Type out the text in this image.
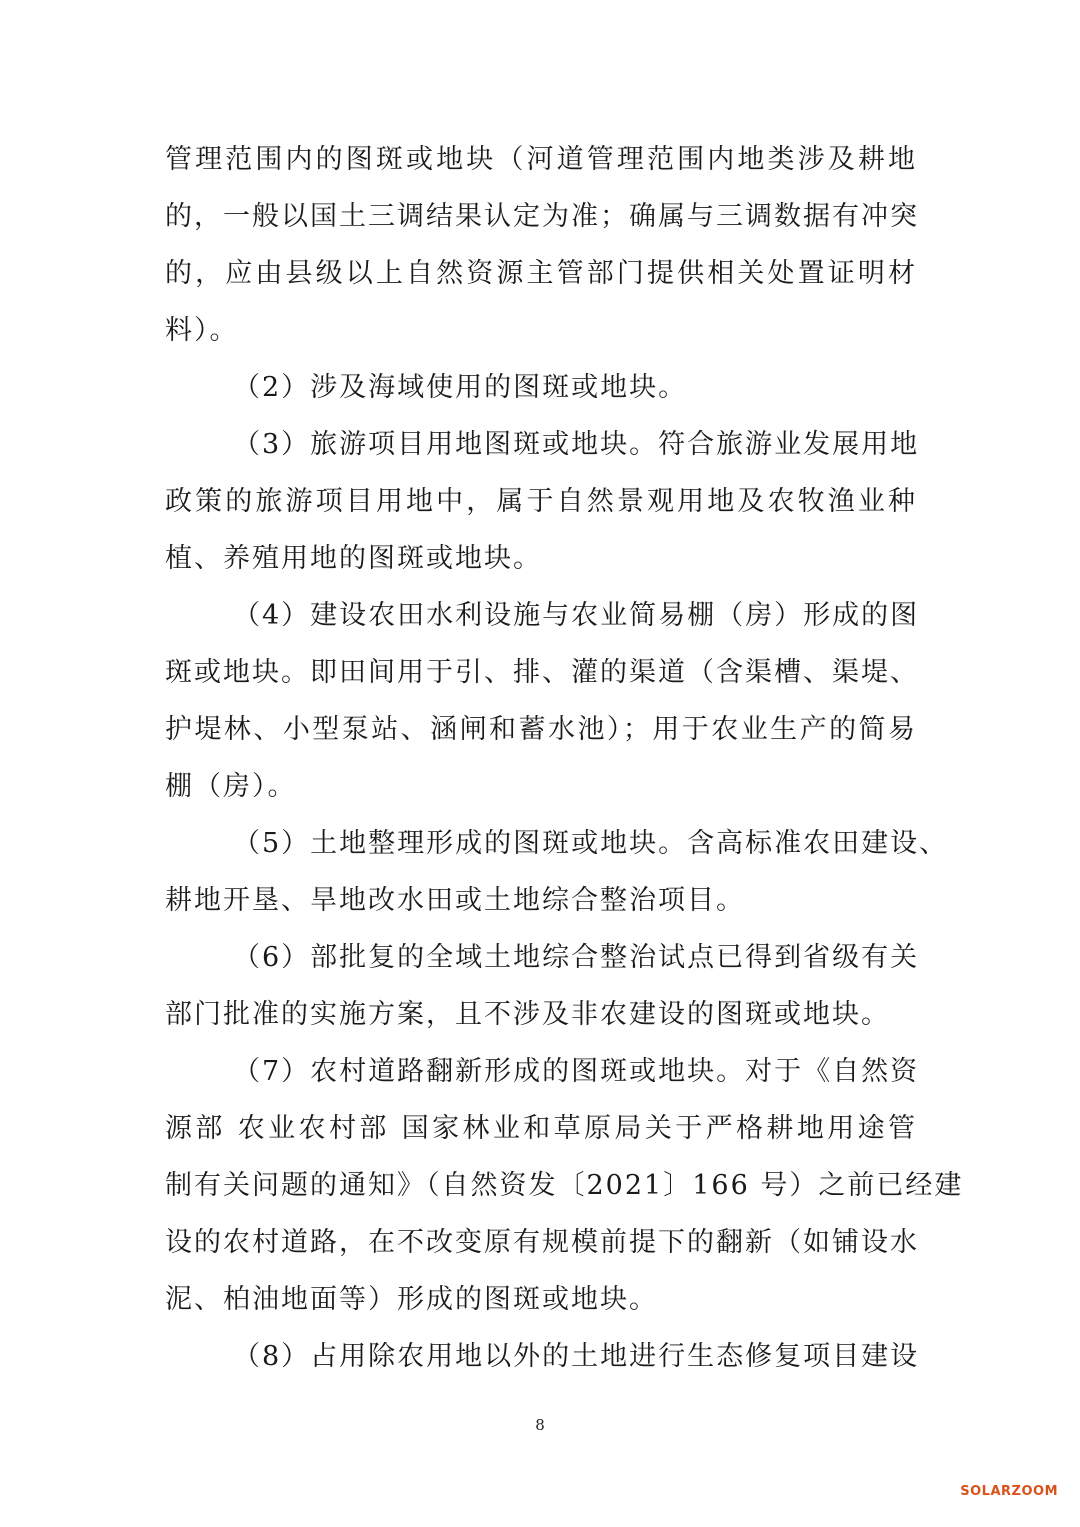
管理范围内的图斑或地块（河道管理范围内地类涉及耕地
的，一般以国土三调结果认定为准；确属与三调数据有冲突
的，应由县级以上自然资源主管部门提供相关处置证明材
料）。
（2）涉及海域使用的图斑或地块。
（3）旅游项目用地图斑或地块。符合旅游业发展用地
政策的旅游项目用地中，属于自然景观用地及农牧渔业种
植、养殖用地的图斑或地块。
（4）建设农田水利设施与农业简易棚（房）形成的图
斑或地块。即田间用于引、排、灌的渠道（含渠槽、渠堤、
护堤林、小型泵站、涵闸和蓄水池）；用于农业生产的简易
棚（房）。
（5）土地整理形成的图斑或地块。含高标准农田建设、
耕地开垦、旱地改水田或土地综合整治项目。
（6）部批复的全域土地综合整治试点已得到省级有关
部门批准的实施方案，且不涉及非农建设的图斑或地块。
（7）农村道路翻新形成的图斑或地块。对于《自然资
源部 农业农村部 国家林业和草原局关于严格耕地用途管
制有关问题的通知》（自然资发〔2021〕166 号）之前已经建
设的农村道路，在不改变原有规模前提下的翻新（如铺设水
泥、柏油地面等）形成的图斑或地块。
（8）占用除农用地以外的土地进行生态修复项目建设
8
SOLARZOOM
